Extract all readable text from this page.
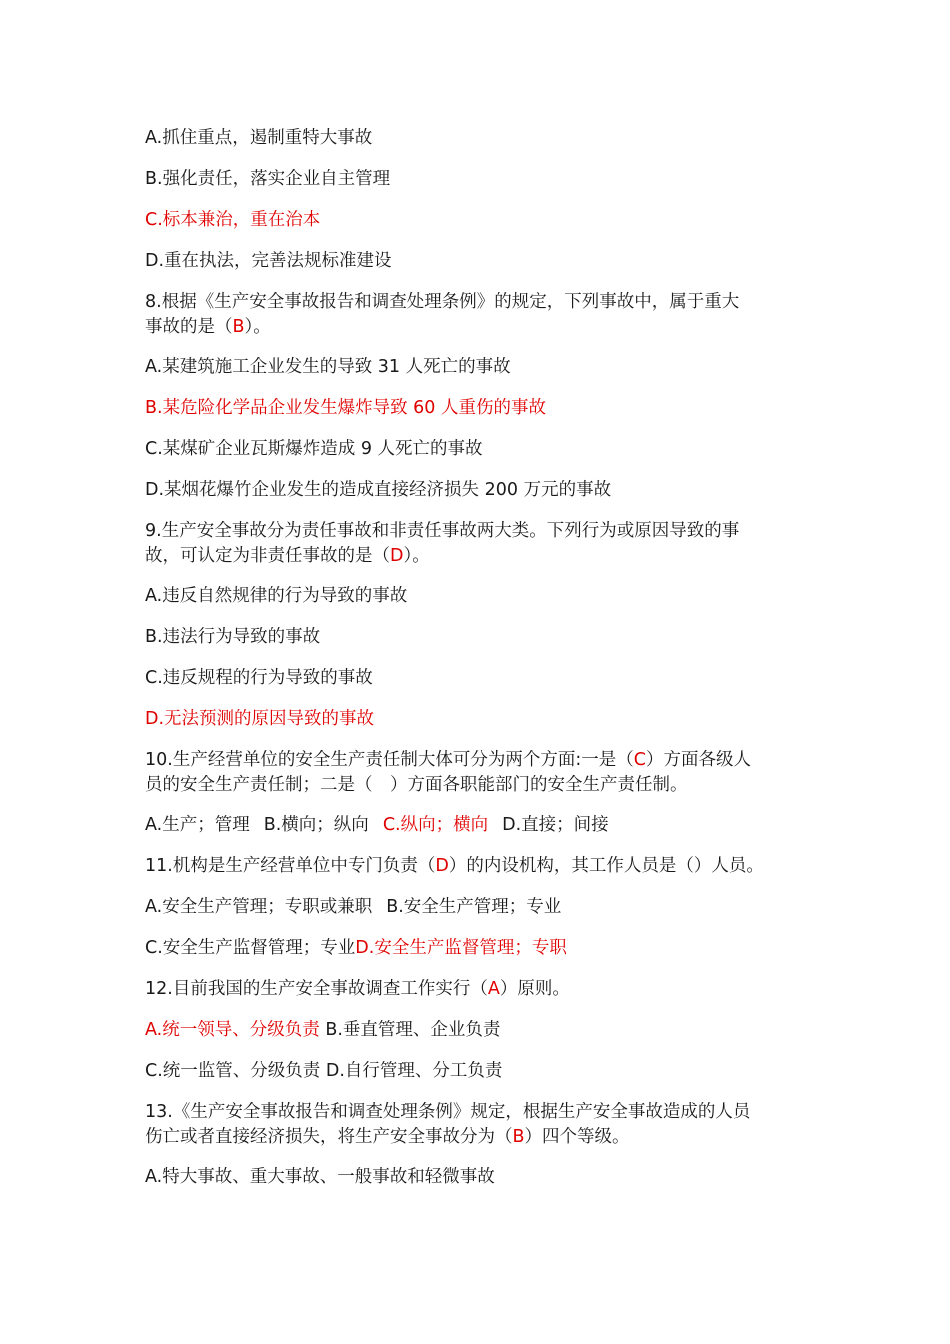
A.抓住重点，遏制重特大事故
B.强化责任，落实企业自主管理
C.标本兼治，重在治本
D.重在执法，完善法规标准建设
8.根据《生产安全事故报告和调查处理条例》的规定，下列事故中，属于重大
事故的是（B）。
A.某建筑施工企业发生的导致 31 人死亡的事故
B.某危险化学品企业发生爆炸导致 60 人重伤的事故
C.某煤矿企业瓦斯爆炸造成 9 人死亡的事故
D.某烟花爆竹企业发生的造成直接经济损失 200 万元的事故
9.生产安全事故分为责任事故和非责任事故两大类。下列行为或原因导致的事
故，可认定为非责任事故的是（D）。
A.违反自然规律的行为导致的事故
B.违法行为导致的事故
C.违反规程的行为导致的事故
D.无法预测的原因导致的事故
10.生产经营单位的安全生产责任制大体可分为两个方面:一是（C）方面各级人
员的安全生产责任制；二是（　）方面各职能部门的安全生产责任制。
A.生产；管理 B.横向；纵向 C.纵向；横向 D.直接；间接
11.机构是生产经营单位中专门负责（D）的内设机构，其工作人员是（）人员。
A.安全生产管理；专职或兼职 B.安全生产管理；专业
C.安全生产监督管理；专业D.安全生产监督管理；专职
12.目前我国的生产安全事故调查工作实行（A）原则。
A.统一领导、分级负责 B.垂直管理、企业负责
C.统一监管、分级负责 D.自行管理、分工负责
13.《生产安全事故报告和调查处理条例》规定，根据生产安全事故造成的人员
伤亡或者直接经济损失，将生产安全事故分为（B）四个等级。
A.特大事故、重大事故、一般事故和轻微事故
